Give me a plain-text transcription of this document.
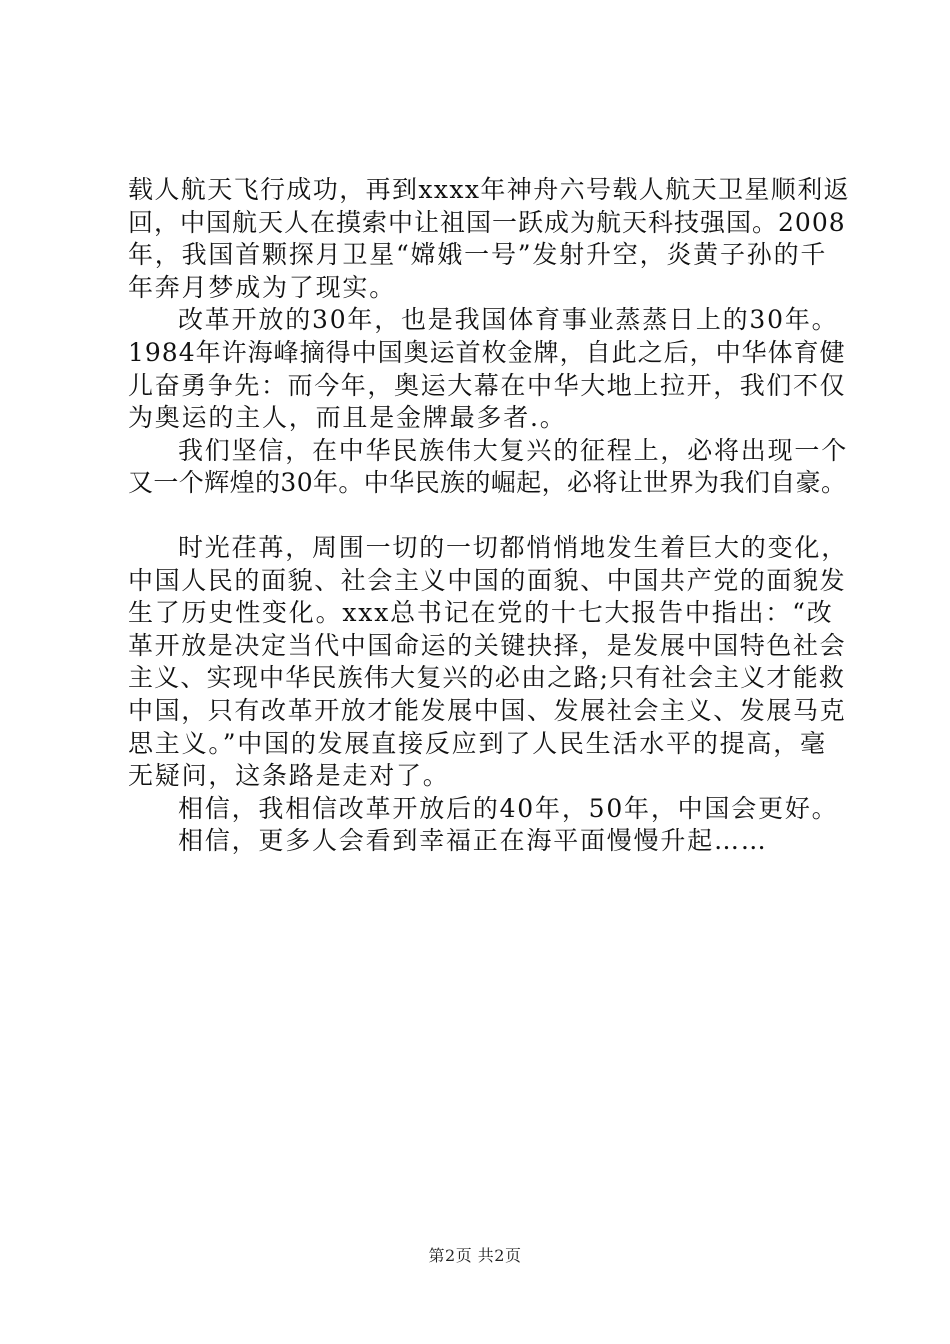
载人航天飞行成功，再到xxxx年神舟六号载人航天卫星顺利返
回，中国航天人在摸索中让祖国一跃成为航天科技强国。2008
年，我国首颗探月卫星“嫦娥一号”发射升空，炎黄子孙的千
年奔月梦成为了现实。
改革开放的30年，也是我国体育事业蒸蒸日上的30年。
1984年许海峰摘得中国奥运首枚金牌，自此之后，中华体育健
儿奋勇争先：而今年，奥运大幕在中华大地上拉开，我们不仅
为奥运的主人，而且是金牌最多者.。
我们坚信，在中华民族伟大复兴的征程上，必将出现一个
又一个辉煌的30年。中华民族的崛起，必将让世界为我们自豪。
时光荏苒，周围一切的一切都悄悄地发生着巨大的变化，
中国人民的面貌、社会主义中国的面貌、中国共产党的面貌发
生了历史性变化。xxx总书记在党的十七大报告中指出：“改
革开放是决定当代中国命运的关键抉择，是发展中国特色社会
主义、实现中华民族伟大复兴的必由之路;只有社会主义才能救
中国，只有改革开放才能发展中国、发展社会主义、发展马克
思主义。”中国的发展直接反应到了人民生活水平的提高，毫
无疑问，这条路是走对了。
相信，我相信改革开放后的40年，50年，中国会更好。
相信，更多人会看到幸福正在海平面慢慢升起……
第2页 共2页
